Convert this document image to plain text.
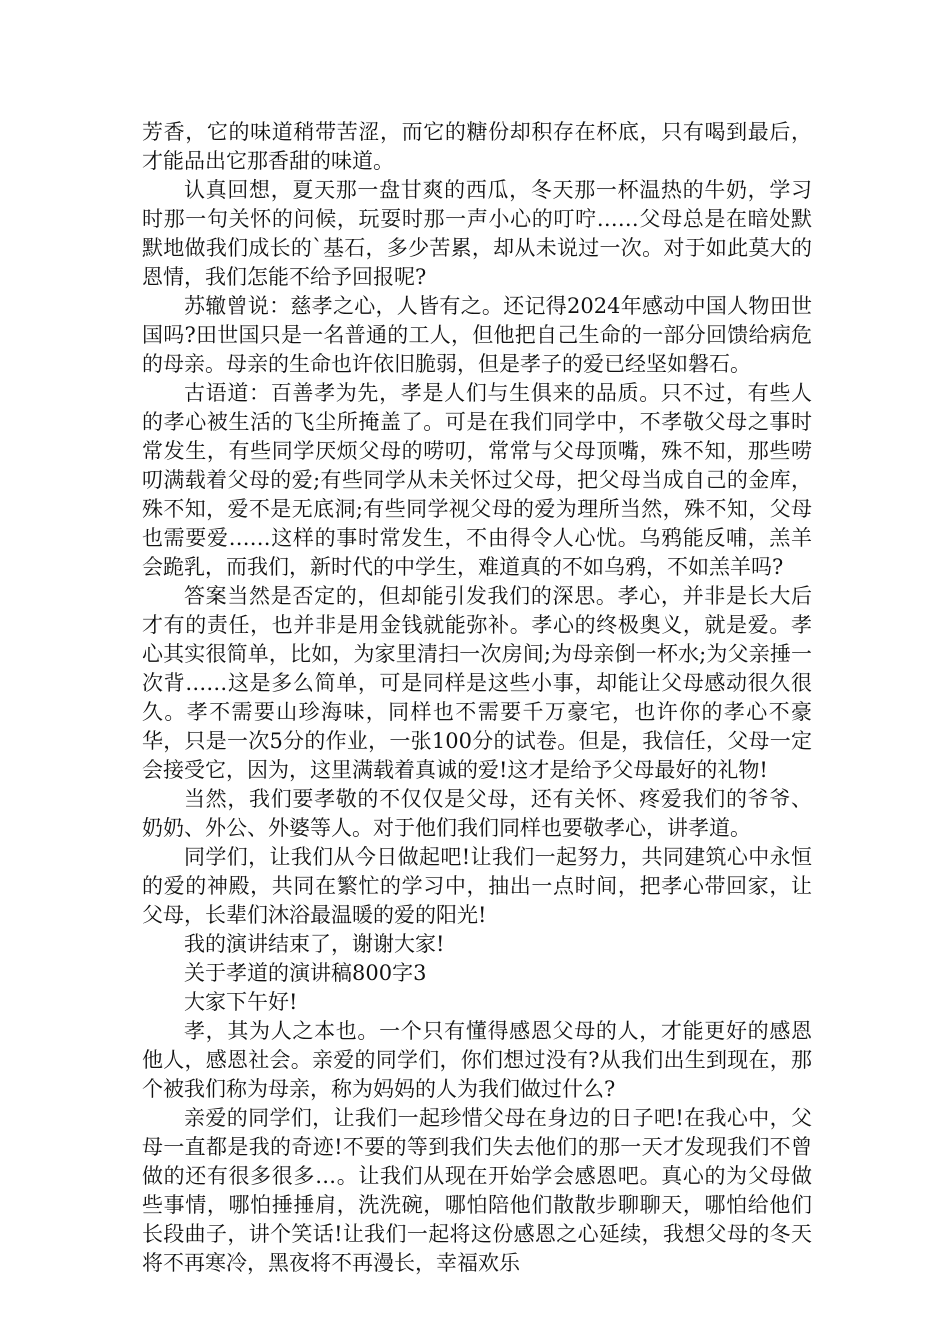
芳香，它的味道稍带苦涩，而它的糖份却积存在杯底，只有喝到最后，才能品出它那香甜的味道。

认真回想，夏天那一盘甘爽的西瓜，冬天那一杯温热的牛奶，学习时那一句关怀的问候，玩耍时那一声小心的叮咛……父母总是在暗处默默地做我们成长的`基石，多少苦累，却从未说过一次。对于如此莫大的恩情，我们怎能不给予回报呢?

苏辙曾说：慈孝之心，人皆有之。还记得2024年感动中国人物田世国吗?田世国只是一名普通的工人，但他把自己生命的一部分回馈给病危的母亲。母亲的生命也许依旧脆弱，但是孝子的爱已经坚如磐石。

古语道：百善孝为先，孝是人们与生俱来的品质。只不过，有些人的孝心被生活的飞尘所掩盖了。可是在我们同学中，不孝敬父母之事时常发生，有些同学厌烦父母的唠叨，常常与父母顶嘴，殊不知，那些唠叨满载着父母的爱;有些同学从未关怀过父母，把父母当成自己的金库，殊不知，爱不是无底洞;有些同学视父母的爱为理所当然，殊不知，父母也需要爱……这样的事时常发生，不由得令人心忧。乌鸦能反哺，羔羊会跪乳，而我们，新时代的中学生，难道真的不如乌鸦，不如羔羊吗?

答案当然是否定的，但却能引发我们的深思。孝心，并非是长大后才有的责任，也并非是用金钱就能弥补。孝心的终极奥义，就是爱。孝心其实很简单，比如，为家里清扫一次房间;为母亲倒一杯水;为父亲捶一次背……这是多么简单，可是同样是这些小事，却能让父母感动很久很久。孝不需要山珍海味，同样也不需要千万豪宅，也许你的孝心不豪华，只是一次5分的作业，一张100分的试卷。但是，我信任，父母一定会接受它，因为，这里满载着真诚的爱!这才是给予父母最好的礼物!

当然，我们要孝敬的不仅仅是父母，还有关怀、疼爱我们的爷爷、奶奶、外公、外婆等人。对于他们我们同样也要敬孝心，讲孝道。

同学们，让我们从今日做起吧!让我们一起努力，共同建筑心中永恒的爱的神殿，共同在繁忙的学习中，抽出一点时间，把孝心带回家，让父母，长辈们沐浴最温暖的爱的阳光!

我的演讲结束了，谢谢大家!

关于孝道的演讲稿800字3

大家下午好!

孝，其为人之本也。一个只有懂得感恩父母的人，才能更好的感恩他人，感恩社会。亲爱的同学们，你们想过没有?从我们出生到现在，那个被我们称为母亲，称为妈妈的人为我们做过什么?

亲爱的同学们，让我们一起珍惜父母在身边的日子吧!在我心中，父母一直都是我的奇迹!不要的等到我们失去他们的那一天才发现我们不曾做的还有很多很多…。让我们从现在开始学会感恩吧。真心的为父母做些事情，哪怕捶捶肩，洗洗碗，哪怕陪他们散散步聊聊天，哪怕给他们长段曲子，讲个笑话!让我们一起将这份感恩之心延续，我想父母的冬天将不再寒冷，黑夜将不再漫长，幸福欢乐
